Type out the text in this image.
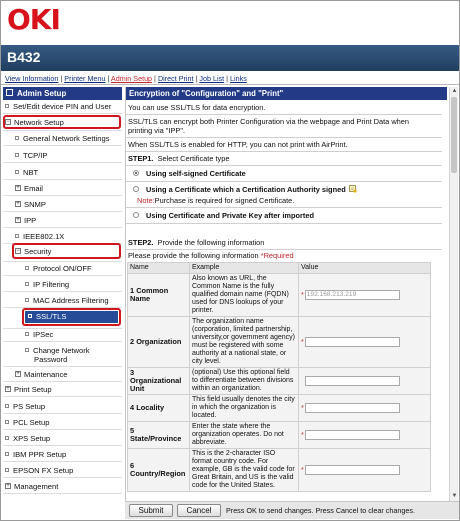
OKI
B432
View Information | Printer Menu | Admin Setup | Direct Print | Job List | Links
Admin Setup
Set/Edit device PIN and User
− Network Setup
General Network Settings
TCP/IP
NBT
+ Email
+ SNMP
+ IPP
IEEE802.1X
− Security
Protocol ON/OFF
IP Filtering
MAC Address Filtering
SSL/TLS
IPSec
Change Network
Password
+ Maintenance
+ Print Setup
PS Setup
PCL Setup
XPS Setup
IBM PPR Setup
EPSON FX Setup
+ Management
Encryption of "Configuration" and "Print"
You can use SSL/TLS for data encryption.
SSL/TLS can encrypt both Printer Configuration via the webpage and Print Data when
printing via "IPP".
When SSL/TLS is enabled for HTTP, you can not print with AirPrint.
STEP1. Select Certificate type
Using self-signed Certificate
Using a Certificate which a Certification Authority signed
Note:Purchase is required for signed Certificate.
Using Certificate and Private Key after imported
STEP2. Provide the following information
Please provide the following information *Required
Name	Example	Value
1 Common Name	Also known as URL, the Common Name is the fully qualified domain name (FQDN) used for DNS lookups of your printer.	* 192.168.213.219
2 Organization	The organization name (corporation, limited partnership, university,or government agency) must be registered with some authority at a national state, or city level.	*
3 Organizational Unit	(optional) Use this optional field to differentiate between divisions within an organization.	
4 Locality	This field usually denotes the city in which the organization is located.	*
5 State/Province	Enter the state where the organization operates. Do not abbreviate.	*
6 Country/Region	This is the 2-character ISO format country code. For example, GB is the valid code for Great Britain, and US is the valid code for the United States.	*
▲
▼
Submit	Cancel	Press OK to send changes. Press Cancel to clear changes.
